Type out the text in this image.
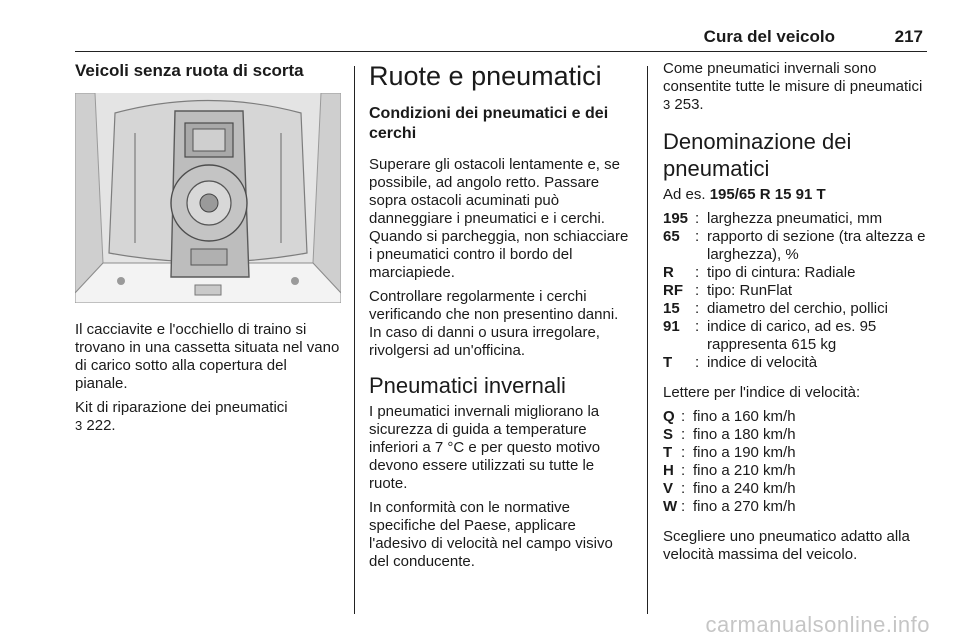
Cura del veicolo	217
Veicoli senza ruota di scorta

Il cacciavite e l'occhiello di traino si trovano in una cassetta situata nel vano di carico sotto alla copertura del pianale.

Kit di riparazione dei pneumatici
3 222.

Ruote e pneumatici
Condizioni dei pneumatici e dei cerchi

Superare gli ostacoli lentamente e, se possibile, ad angolo retto. Passare sopra ostacoli acuminati può danneggiare i pneumatici e i cerchi. Quando si parcheggia, non schiacciare i pneumatici contro il bordo del marciapiede.

Controllare regolarmente i cerchi verificando che non presentino danni. In caso di danni o usura irregolare, rivolgersi ad un'officina.

Pneumatici invernali

I pneumatici invernali migliorano la sicurezza di guida a temperature inferiori a 7 °C e per questo motivo devono essere utilizzati su tutte le ruote.

In conformità con le normative specifiche del Paese, applicare l'adesivo di velocità nel campo visivo del conducente.

Come pneumatici invernali sono consentite tutte le misure di pneumatici 3 253.

Denominazione dei pneumatici

Ad es. 195/65 R 15 91 T

195 : larghezza pneumatici, mm
65	: rapporto di sezione (tra altezza e larghezza), %
R	: tipo di cintura: Radiale
RF : tipo: RunFlat
15	: diametro del cerchio, pollici
91	: indice di carico, ad es. 95 rappresenta 615 kg
T	: indice di velocità

Lettere per l'indice di velocità:

Q : fino a 160 km/h
S : fino a 180 km/h
T : fino a 190 km/h
H : fino a 210 km/h
V : fino a 240 km/h
W : fino a 270 km/h

Scegliere uno pneumatico adatto alla velocità massima del veicolo.

carmanualsonline.info
